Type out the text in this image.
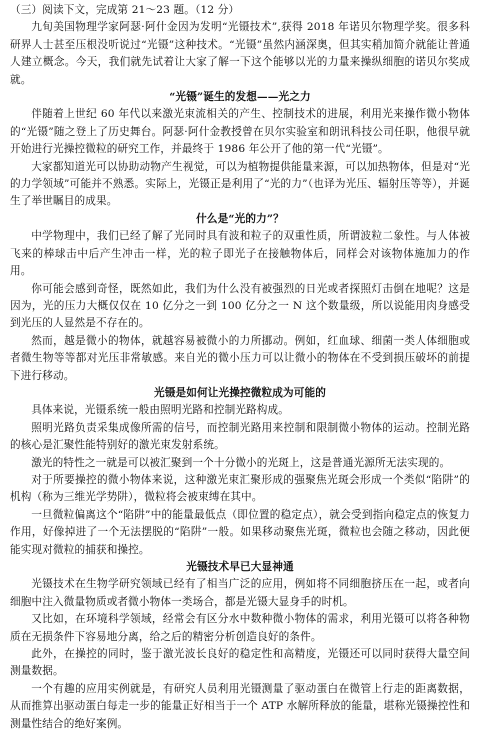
（三）阅读下文，完成第 21～23 题。（12 分）
九旬美国物理学家阿瑟·阿什金因为发明“光镊技术”,获得 2018 年诺贝尔物理学奖。很多科研界人士甚至压根没听说过“光镊”这种技术。“光镊”虽然内涵深奥，但其实稍加简介就能让普通人建立概念。今天，我们就先试着让大家了解一下这个能够以光的力量来操纵细胞的诺贝尔奖成就。
“光镊”诞生的发想——光之力
伴随着上世纪 60 年代以来激光束流相关的产生、控制技术的进展，利用光来操作微小物体的“光镊”随之登上了历史舞台。阿瑟·阿什金教授曾在贝尔实验室和朗讯科技公司任职，他很早就开始进行光操控微粒的研究工作，并最终于 1986 年公开了他的第一代“光镊”。
大家都知道光可以协助动物产生视觉，可以为植物提供能量来源，可以加热物体，但是对“光的力学领域”可能并不熟悉。实际上，光镊正是利用了“光的力”（也译为光压、辐射压等等），并诞生了举世瞩目的成果。
什么是“光的力”？
中学物理中，我们已经了解了光同时具有波和粒子的双重性质，所谓波粒二象性。与人体被飞来的棒球击中后产生冲击一样，光的粒子即光子在接触物体后，同样会对该物体施加力的作用。
你可能会感到奇怪，既然如此，我们为什么没有被强烈的日光或者探照灯击倒在地呢？这是因为，光的压力大概仅仅在 10 亿分之一到 100 亿分之一 N 这个数量级，所以说能用肉身感受到光压的人显然是不存在的。
然而，越是微小的物体，就越容易被微小的力所挪动。例如，红血球、细菌一类人体细胞或者微生物等等都对光压非常敏感。来自光的微小压力可以让微小的物体在不受到损压破坏的前提下进行移动。
光镊是如何让光操控微粒成为可能的
具体来说，光镊系统一般由照明光路和控制光路构成。
照明光路负责采集成像所需的信号，而控制光路用来控制和限制微小物体的运动。控制光路的核心是汇聚性能特别好的激光束发射系统。
激光的特性之一就是可以被汇聚到一个十分微小的光斑上，这是普通光源所无法实现的。
对于所要操控的微小物体来说，这种激光束汇聚形成的强聚焦光斑会形成一个类似“陷阱”的机构（称为三维光学势阱），微粒将会被束缚在其中。
一旦微粒偏离这个“陷阱”中的能量最低点（即位置的稳定点），就会受到指向稳定点的恢复力作用，好像掉进了一个无法摆脱的“陷阱”一般。如果移动聚焦光斑，微粒也会随之移动，因此便能实现对微粒的捕获和操控。
光镊技术早已大显神通
光镊技术在生物学研究领域已经有了相当广泛的应用，例如将不同细胞挤压在一起，或者向细胞中注入微量物质或者微小物体一类场合，都是光镊大显身手的时机。
又比如，在环境科学领域，经常会有区分水中数种微小物体的需求，利用光镊可以将各种物质在无损条件下容易地分离，给之后的精密分析创造良好的条件。
此外，在操控的同时，鉴于激光波长良好的稳定性和高精度，光镊还可以同时获得大量空间测量数据。
一个有趣的应用实例就是，有研究人员利用光镊测量了驱动蛋白在微管上行走的距离数据，从而推算出驱动蛋白每走一步的能量正好相当于一个 ATP 水解所释放的能量，堪称光镊操控性和测量性结合的绝好案例。
